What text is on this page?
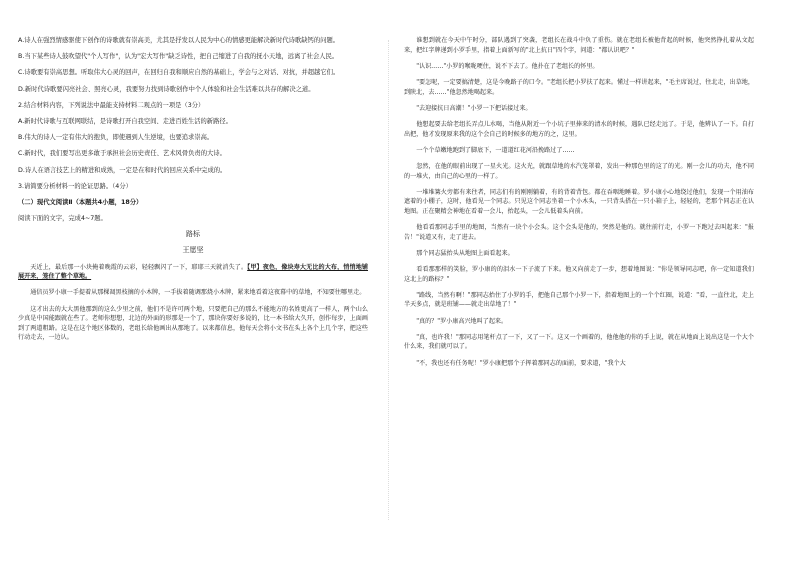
A.诗人在强烈情感驱使下创作的诗歌就有崇高美，尤其是抒发以人民为中心的情感更能解决新时代诗歌缺钙的问题。

B.当下某些诗人鼓吹望代"个人写作"，认为"宏大写作"缺乏诗性，把自己缩进了自我的抚小天地，远离了社会人民。

C.诗歌要有崇高思想。听取伟大心灵的回声，在回归自我和顺应自然的基础上，学会与之对话、对抗，并超越它们。

D.新时代诗歌要闪亮社会、照亮心灵，我要努力找到诗歌创作中个人体验和社会生活难以共存的解决之道。

2.结合材料内容，下列说法中最能支持材料二观点的一项是（3分）

A.新时代诗歌与互联网联结，是诗歌打开自我空间、走进百姓生活的新路径。

B.伟大的诗人一定有伟大的抱负，即使遇到人生逆境，也要追求崇高。

C.新时代，我们要写出更多敢于承担社会历史责任、艺术风骨负责的大诗。

D.诗人在语言技艺上的精进和成熟，一定是在和时代的回应关系中完成的。

3.请简要分析材料一的论证思路。（4分）

（二）现代文阅读Ⅱ（本题共4小题，18分）

阅读下面的文字，完成4~7题。

路标

王愿坚

天近上，最后那一小块掩着晚霞的云彩，轻轻飘闪了一下，耶耶三天就消失了。【甲】夜色，像块寿大无比的大布，悄悄地铺展开来，笼住了整个草地。

通信员罗小康一手提着从那棵凋黑枝摘的小木牌，一手拔着随调那烧小木牌，紧来地看着这夜幕中的草地，不知要往哪里走。

这才出去的大大黑他那到的这么少里之前，他们不是许可两个地，只要把自己的那么不能地方的名姓更高了一样人，两个山么少真是中国能跟就在些了。老师你想想，北边的外面的形那是一个了，那块你要好多说的，比一本书给大久开，创作每步，上面画到了两道粗路。这是在这个地区体数的，老组长给他画出从那地了。以来都信息，他每天会将小文书在头上各个上几个字，把这些行动走去，一边认。

谁想到就在今天中午时分，部队遇到了突袭，老组长在战斗中负了重伤。就在老组长被他背起的时候，他突然挣扎着从文起来，把红字牌递到小罗手里，指着上面新写的"北上抗日"四个字，问道："都认识吧？"

"认识……"小罗的喉咙哽住，说不下去了。他扑在了老组长的怀里。

"要怎呢，一定要搞清楚，这是今晚路子的口令。"老组长把小罗扶了起来。懂过一样讲起来，"毛主席说过，往北走，出草地，到陕北，去……"他忽然地喝起来。

"去迎接抗日高潮！"小罗一下把话接过来。

他想起要去给老组长弄点儿水喝，当他从附近一个小坑子里捧来的清水的时候，遇队已经走远了。于是，他辨认了一下。自打出把，他才发现原来我的这个会自己的时候多的地方的之，这里。

一个个草嫩地跑到了脚底下，一道道红花河沿挽路过了……

忽然，在他的眼前出现了一星火光。这火光，就跟草地的水汽笼罩着，发出一种那色里的这了的光。刚一会儿的功夫，他不同的一堆火，由自己的心里的一样了。

一堆堆篝火旁都有来往者，同志们有的刚刚躺着，有的背着背包。都在吞咽地睡着。罗小康小心地绕过他们，发现一个用油布遮着的小棚子，这时，他看见一个同志。只见这个同志坐着一个小木头，一只背头搭在一只小箱子上，轻轻的，老那个同志正在认地图。正在聚精会神地在看着一会儿，抬起头，一会儿低着头向前。

他看看那同志手里的地图，当然有一块个小会头。这个会头是他的，突然是他的。就往前行走，小罗一下跑过去叫起来："报告！"说道又有，走了进去。

那个同志猛抬头从地图上面看起来。

看看那那样的笑脸，罗小康的的泪水一下子流了下来。他又向前走了一步，想着地图说："你是领导同志吧，你一定知道我们这北上的路标？"

"路线，当然有啊！"那同志抬住了小罗的手，把他自己那个小罗一下，指着地图上的一个个红圈，说道："看，一直往北，走上半天多点，就是班铺——就走出草地了！"

"真的？"罗小康高兴地叫了起来。

"真，也许我！"那同志用笔杆点了一下，又了一下。这又一个画着的，他他他的你的手上说，就在从地面上说出这是一个大个什么来，我们就可以了。

"不，我也还有任务呢！"罗小康把那个子挥着那同志的面前，要求道，"我个大
